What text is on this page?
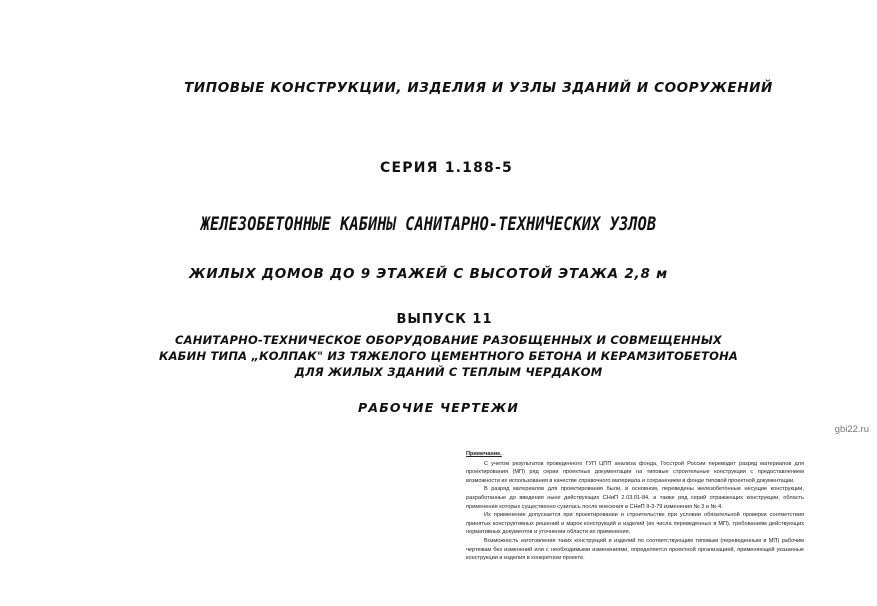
ТИПОВЫЕ КОНСТРУКЦИИ, ИЗДЕЛИЯ И УЗЛЫ ЗДАНИЙ И СООРУЖЕНИЙ
СЕРИЯ 1.188-5
ЖЕЛЕЗОБЕТОННЫЕ КАБИНЫ САНИТАРНО-ТЕХНИЧЕСКИХ УЗЛОВ
ЖИЛЫХ ДОМОВ ДО 9 ЭТАЖЕЙ С ВЫСОТОЙ ЭТАЖА 2,8 м
ВЫПУСК 11
САНИТАРНО-ТЕХНИЧЕСКОЕ ОБОРУДОВАНИЕ РАЗОБЩЕННЫХ И СОВМЕЩЕННЫХ
КАБИН ТИПА „КОЛПАК" ИЗ ТЯЖЕЛОГО ЦЕМЕНТНОГО БЕТОНА И КЕРАМЗИТОБЕТОНА
ДЛЯ ЖИЛЫХ ЗДАНИЙ С ТЕПЛЫМ ЧЕРДАКОМ
РАБОЧИЕ ЧЕРТЕЖИ
gbi22.ru
Примечание.

С учетом результатов проведенного ГУП ЦПП анализа фонда, Госстрой России переводит разряд материалов для проектирования (МП) ряд серии проектных документации на типовые строительные конструкции с предоставлением возможности их использования в качестве справочного материала и сохранением в фонде типовой проектной документации.

В разряд материалов для проектирования были, в основном, переведены железобетонные несущие конструкции, разработанные до введения ныне действующих СНиП 2.03.01-84, а также ряд серий отражающих конструкции, область применения которых существенно сузилась после внесения в СНиП II-3-79 изменения № 3 и № 4.

Их применение допускается при проектировании и строительстве при условии обязательной проверки соответствия принятых конструктивных решений и марок конструкций и изделий (их числа переведенных в МП), требованиям действующих нормативных документов и уточнении области их применения.

Возможность изготовления таких конструкций и изделий по соответствующим типовым (переведенным в МП) рабочим чертежам без изменений или с необходимыми изменениями, определяется проектной организацией, применяющей указанные конструкции и изделия в конкретном проекте.
